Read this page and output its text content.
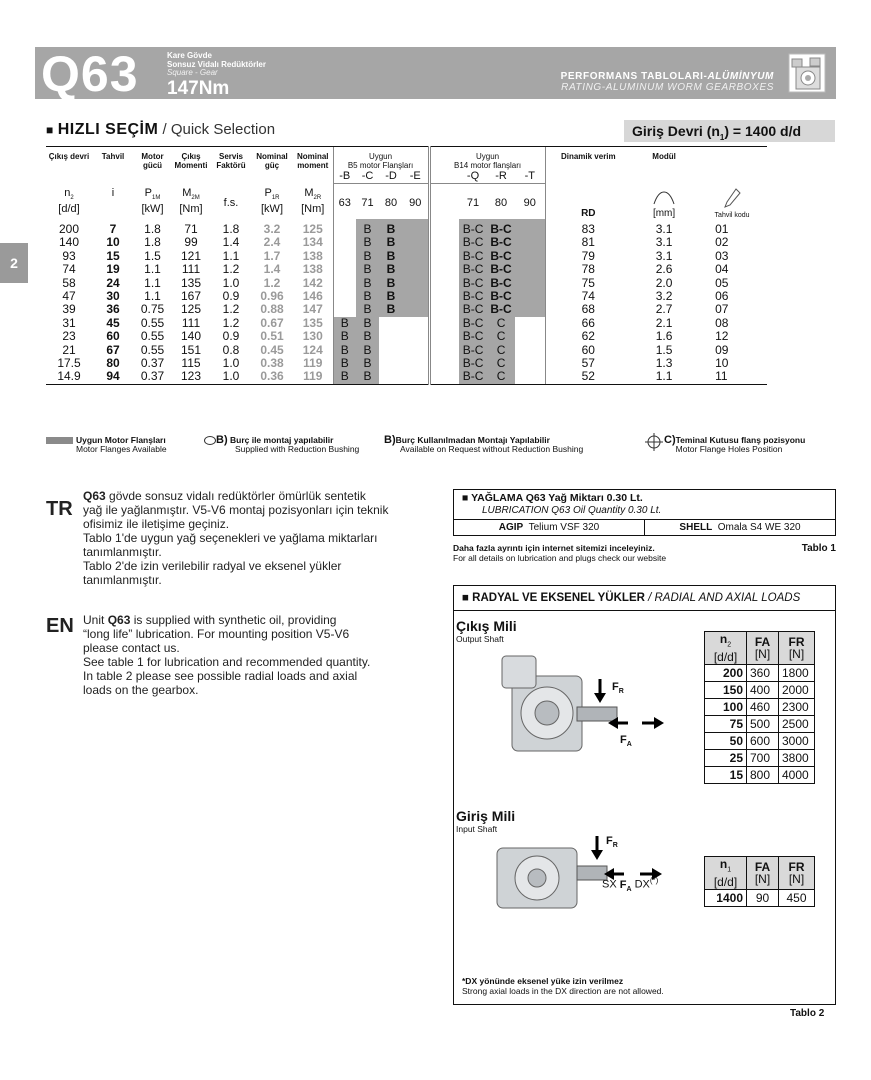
Q63	Kare Gövde
Sonsuz Vidalı Redüktörler
Square - Gear
147Nm
PERFORMANS TABLOLARI-ALÜMİNYUM
RATING-ALUMINUM WORM GEARBOXES
2
■ HIZLI SEÇİM / Quick Selection	Giriş Devri $(n_1) = 1400$ d/d
Çıkış devri	Tahvil	Motor gücü	Çıkış Momenti	Servis Faktörü	Nominal güç	Nominal moment	Uygun
B5 motor Flanşları				Uygun
B14 motor flanşları				Dinamik verim	Modül	
							-B	-C	-D	-E		-Q	-R	-T			
$n_2$
[d/d]	i	$P_{1M}$
[kW]	$M_{2M}$
[Nm]	f.s.	$P_{1R}$
[kW]	$M_{2R}$
[Nm]	63	71	80	90		71	80	90	RD	[mm]	Tahvil kodu
200	7	1.8	71	1.8	3.2	125		B	B			B-C	B-C		83	3.1	01
140	10	1.8	99	1.4	2.4	134		B	B			B-C	B-C		81	3.1	02
93	15	1.5	121	1.1	1.7	138		B	B			B-C	B-C		79	3.1	03
74	19	1.1	111	1.2	1.4	138		B	B			B-C	B-C		78	2.6	04
58	24	1.1	135	1.0	1.2	142		B	B			B-C	B-C		75	2.0	05
47	30	1.1	167	0.9	0.96	146		B	B			B-C	B-C		74	3.2	06
39	36	0.75	125	1.2	0.88	147		B	B			B-C	B-C		68	2.7	07
31	45	0.55	111	1.2	0.67	135	B	B				B-C	C		66	2.1	08
23	60	0.55	140	0.9	0.51	130	B	B				B-C	C		62	1.6	12
21	67	0.55	151	0.8	0.45	124	B	B				B-C	C		60	1.5	09
17.5	80	0.37	115	1.0	0.38	119	B	B				B-C	C		57	1.3	10
14.9	94	0.37	123	1.0	0.36	119	B	B				B-C	C		52	1.1	11
Uygun Motor Flanşları
Motor Flanges Available
B) Burç ile montaj yapılabilir
Supplied with Reduction Bushing
B)Burç Kullanılmadan Montajı Yapılabilir
Available on Request without Reduction Bushing
C)Teminal Kutusu flanş pozisyonu
Motor Flange Holes Position
TR
Q63 gövde sonsuz vidalı redüktörler ömürlük sentetik
yağ ile yağlanmıştır. V5-V6 montaj pozisyonları için teknik
ofisimiz ile iletişime geçiniz.
Tablo 1'de uygun yağ seçenekleri ve yağlama miktarları
tanımlanmıştır.
Tablo 2'de izin verilebilir radyal ve eksenel yükler
tanımlanmıştır.
EN Unit Q63 is supplied with synthetic oil, providing
“long life” lubrication. For mounting position V5-V6
please contact us.
See table 1 for lubrication and recommended quantity.
In table 2 please see possible radial loads and axial
loads on the gearbox.
■ YAĞLAMA Q63 Yağ Miktarı 0.30 Lt.
LUBRICATION Q63 Oil Quantity 0.30 Lt.
AGIP Telium VSF 320	SHELL Omala S4 WE 320
Daha fazla ayrıntı için internet sitemizi inceleyiniz.
For all details on lubrication and plugs check our website
Tablo 1
■ RADYAL VE EKSENEL YÜKLER / RADIAL AND AXIAL LOADS
Çıkış Mili
Output Shaft
$F_R$
$F_A$
$n_2$
[d/d]	FA
[N]	FR
[N]
200	360	1800
150	400	2000
100	460	2300
75	500	2500
50	600	3000
25	700	3800
15	800	4000
Giriş Mili
Input Shaft
$F_R$
SX $F_A$ DX(*)
$n_1$
[d/d]	FA
[N]	FR
[N]
1400	90	450
*DX yönünde eksenel yüke izin verilmez
Strong axial loads in the DX direction are not allowed.
Tablo 2
